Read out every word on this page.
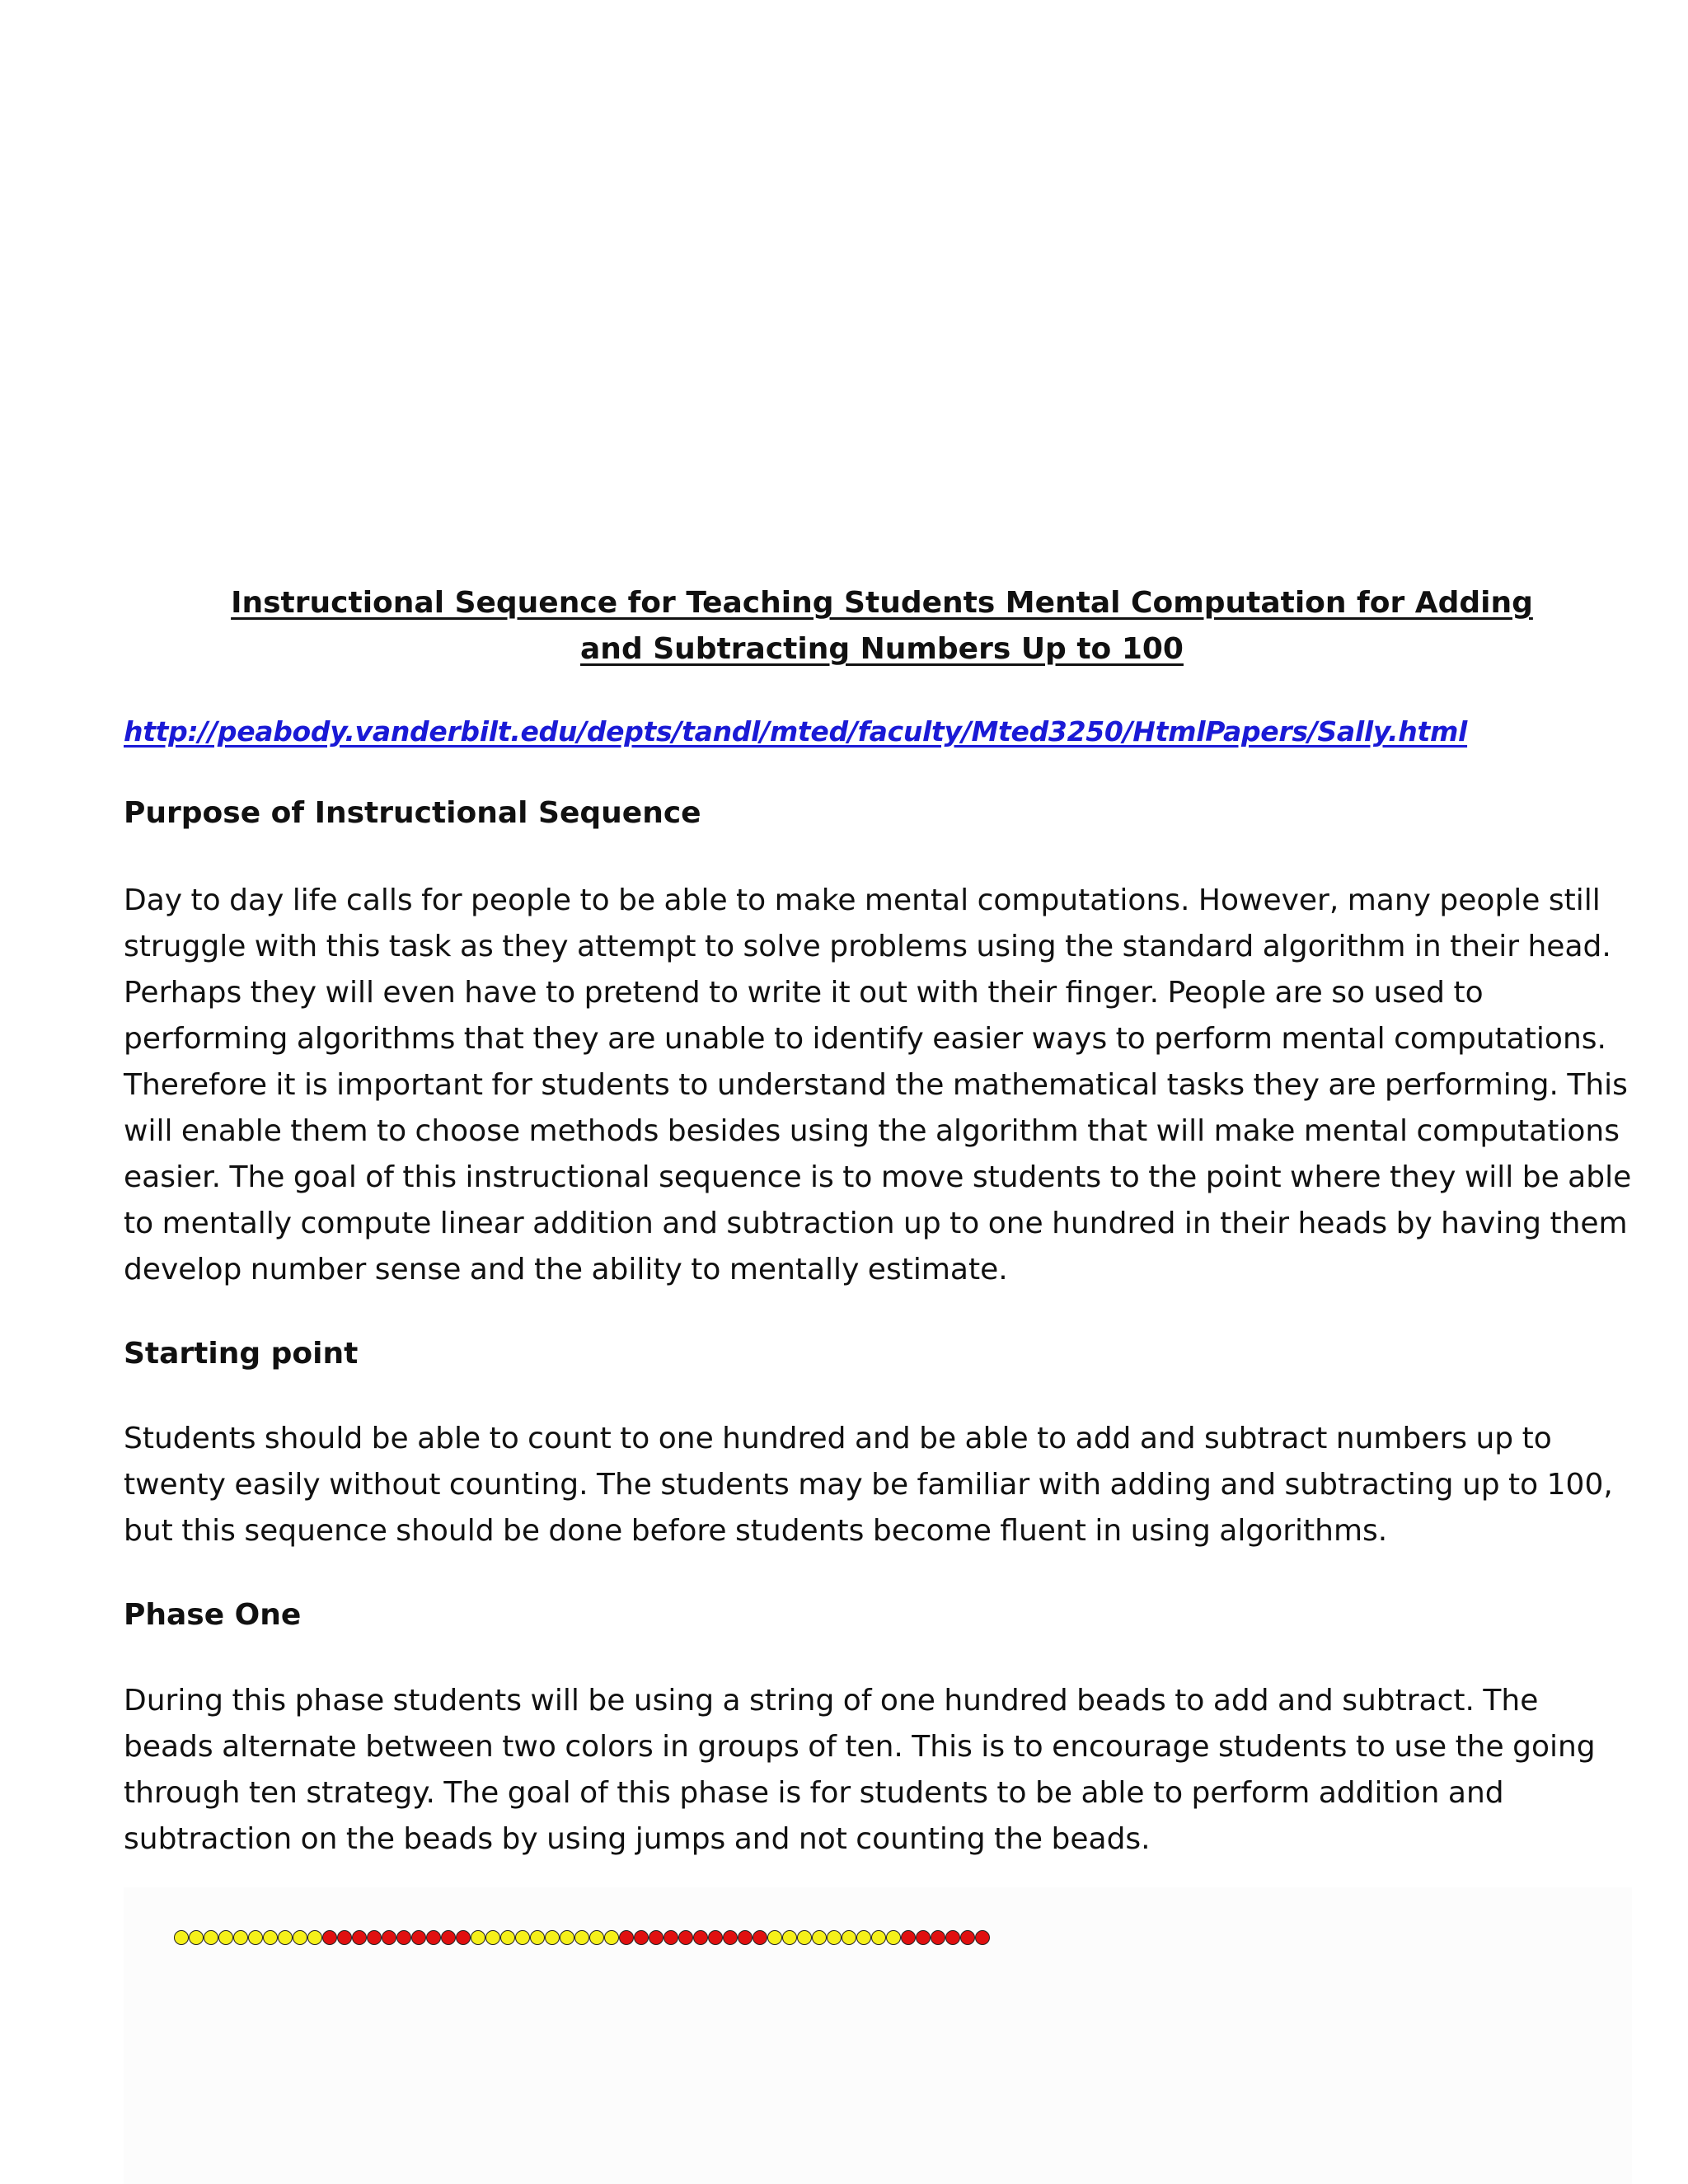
Instructional Sequence for Teaching Students Mental Computation for Adding and Subtracting Numbers Up to 100
http://peabody.vanderbilt.edu/depts/tandl/mted/faculty/Mted3250/HtmlPapers/Sally.html
Purpose of Instructional Sequence

Day to day life calls for people to be able to make mental computations. However, many people still struggle with this task as they attempt to solve problems using the standard algorithm in their head. Perhaps they will even have to pretend to write it out with their finger. People are so used to performing algorithms that they are unable to identify easier ways to perform mental computations. Therefore it is important for students to understand the mathematical tasks they are performing. This will enable them to choose methods besides using the algorithm that will make mental computations easier. The goal of this instructional sequence is to move students to the point where they will be able to mentally compute linear addition and subtraction up to one hundred in their heads by having them develop number sense and the ability to mentally estimate.

Starting point

Students should be able to count to one hundred and be able to add and subtract numbers up to twenty easily without counting. The students may be familiar with adding and subtracting up to 100, but this sequence should be done before students become fluent in using algorithms.

Phase One

During this phase students will be using a string of one hundred beads to add and subtract. The beads alternate between two colors in groups of ten. This is to encourage students to use the going through ten strategy. The goal of this phase is for students to be able to perform addition and subtraction on the beads by using jumps and not counting the beads.
